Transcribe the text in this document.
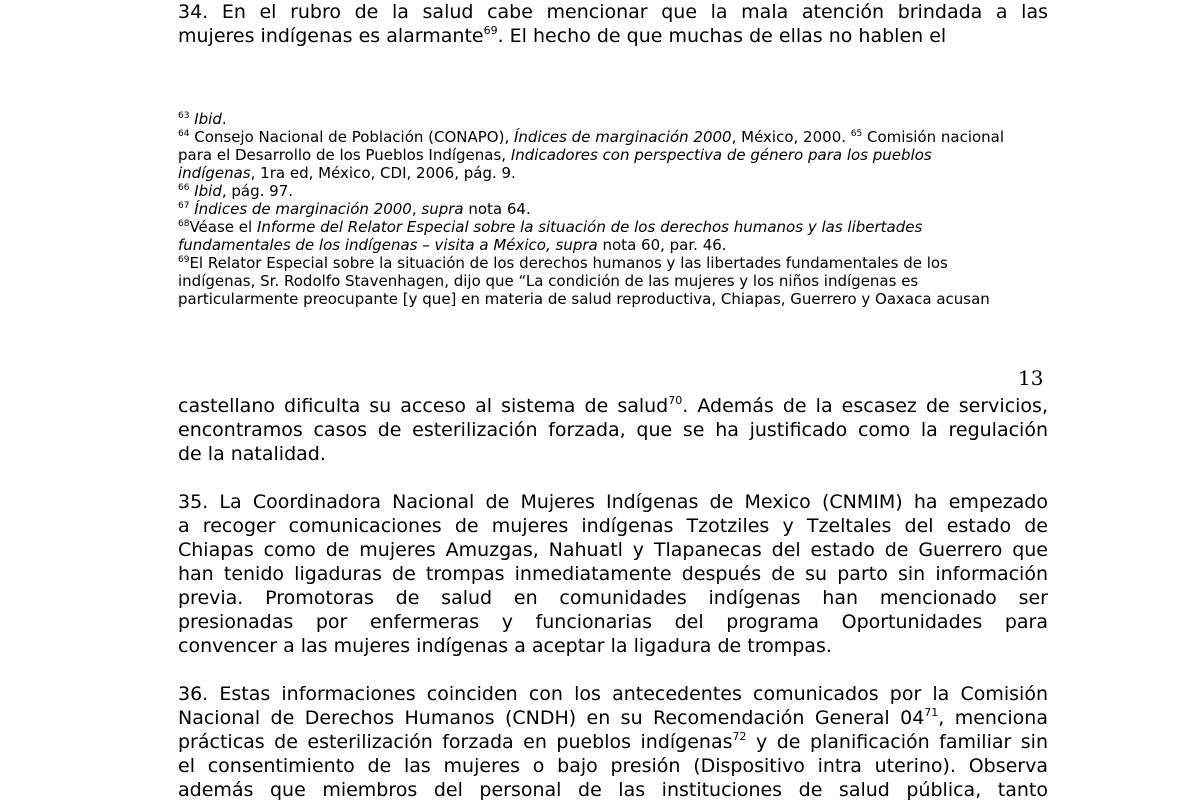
34. En el rubro de la salud cabe mencionar que la mala atención brindada a las
mujeres indígenas es alarmante$^{69}$. El hecho de que muchas de ellas no hablen el
$^{63}$ Ibid.
$^{64}$ Consejo Nacional de Población (CONAPO), Índices de marginación 2000, México, 2000. $^{65}$ Comisión nacional
para el Desarrollo de los Pueblos Indígenas, Indicadores con perspectiva de género para los pueblos
indígenas, 1ra ed, México, CDI, 2006, pág. 9.
$^{66}$ Ibid, pág. 97.
$^{67}$ Índices de marginación 2000, supra nota 64.
$^{68}$Véase el Informe del Relator Especial sobre la situación de los derechos humanos y las libertades
fundamentales de los indígenas – visita a México, supra nota 60, par. 46.
$^{69}$El Relator Especial sobre la situación de los derechos humanos y las libertades fundamentales de los
indígenas, Sr. Rodolfo Stavenhagen, dijo que “La condición de las mujeres y los niños indígenas es
particularmente preocupante [y que] en materia de salud reproductiva, Chiapas, Guerrero y Oaxaca acusan
13
castellano dificulta su acceso al sistema de salud$^{70}$. Además de la escasez de servicios,
encontramos casos de esterilización forzada, que se ha justificado como la regulación
de la natalidad.
35. La Coordinadora Nacional de Mujeres Indígenas de Mexico (CNMIM) ha empezado
a recoger comunicaciones de mujeres indígenas Tzotziles y Tzeltales del estado de
Chiapas como de mujeres Amuzgas, Nahuatl y Tlapanecas del estado de Guerrero que
han tenido ligaduras de trompas inmediatamente después de su parto sin información
previa. Promotoras de salud en comunidades indígenas han mencionado ser
presionadas por enfermeras y funcionarias del programa Oportunidades para
convencer a las mujeres indígenas a aceptar la ligadura de trompas.
36. Estas informaciones coinciden con los antecedentes comunicados por la Comisión
Nacional de Derechos Humanos (CNDH) en su Recomendación General $04^{71}$, menciona
prácticas de esterilización forzada en pueblos indígenas$^{72}$ y de planificación familiar sin
el consentimiento de las mujeres o bajo presión (Dispositivo intra uterino). Observa
además que miembros del personal de las instituciones de salud pública, tanto
